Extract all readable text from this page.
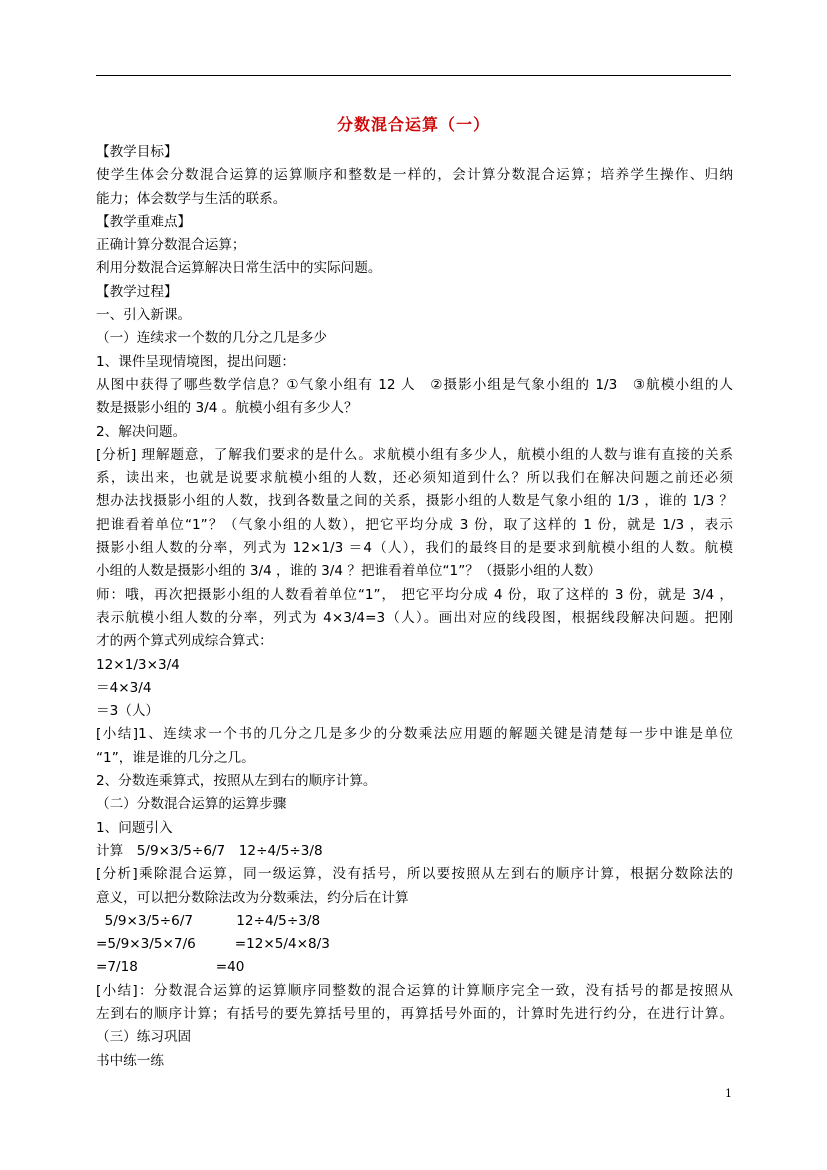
分数混合运算（一）
【教学目标】
使学生体会分数混合运算的运算顺序和整数是一样的，会计算分数混合运算；培养学生操作、归纳
能力；体会数学与生活的联系。
【教学重难点】
正确计算分数混合运算；
利用分数混合运算解决日常生活中的实际问题。
【教学过程】
一、引入新课。
（一）连续求一个数的几分之几是多少
1、课件呈现情境图，提出问题：
从图中获得了哪些数学信息？①气象小组有 12 人　②摄影小组是气象小组的 1/3　③航模小组的人
数是摄影小组的 3/4 。航模小组有多少人？
2、解决问题。
[分析] 理解题意，了解我们要求的是什么。求航模小组有多少人，航模小组的人数与谁有直接的关系
系，读出来，也就是说要求航模小组的人数，还必须知道到什么？所以我们在解决问题之前还必须
想办法找摄影小组的人数，找到各数量之间的关系，摄影小组的人数是气象小组的 1/3 ，谁的 1/3 ？
把谁看着单位“1”？（气象小组的人数），把它平均分成 3 份，取了这样的 1 份，就是 1/3 ，表示
摄影小组人数的分率，列式为 12×1/3 ＝4（人），我们的最终目的是要求到航模小组的人数。航模
小组的人数是摄影小组的 3/4 ，谁的 3/4 ？把谁看着单位“1”？（摄影小组的人数）
师：哦，再次把摄影小组的人数看着单位“1”， 把它平均分成 4 份，取了这样的 3 份，就是 3/4 ，
表示航模小组人数的分率，列式为 4×3/4=3（人）。画出对应的线段图，根据线段解决问题。把刚
才的两个算式列成综合算式：
12×1/3×3/4
＝4×3/4
＝3（人）
[小结]1、连续求一个书的几分之几是多少的分数乘法应用题的解题关键是清楚每一步中谁是单位
“1”，谁是谁的几分之几。
2、分数连乘算式，按照从左到右的顺序计算。
（二）分数混合运算的运算步骤
1、问题引入
计算　5/9×3/5÷6/7　12÷4/5÷3/8
[分析]乘除混合运算，同一级运算，没有括号，所以要按照从左到右的顺序计算，根据分数除法的
意义，可以把分数除法改为分数乘法，约分后在计算
5/9×3/5÷6/7          12÷4/5÷3/8
=5/9×3/5×7/6         =12×5/4×8/3
=7/18                  =40
[小结]：分数混合运算的运算顺序同整数的混合运算的计算顺序完全一致，没有括号的都是按照从
左到右的顺序计算；有括号的要先算括号里的，再算括号外面的，计算时先进行约分，在进行计算。
（三）练习巩固
书中练一练
1
